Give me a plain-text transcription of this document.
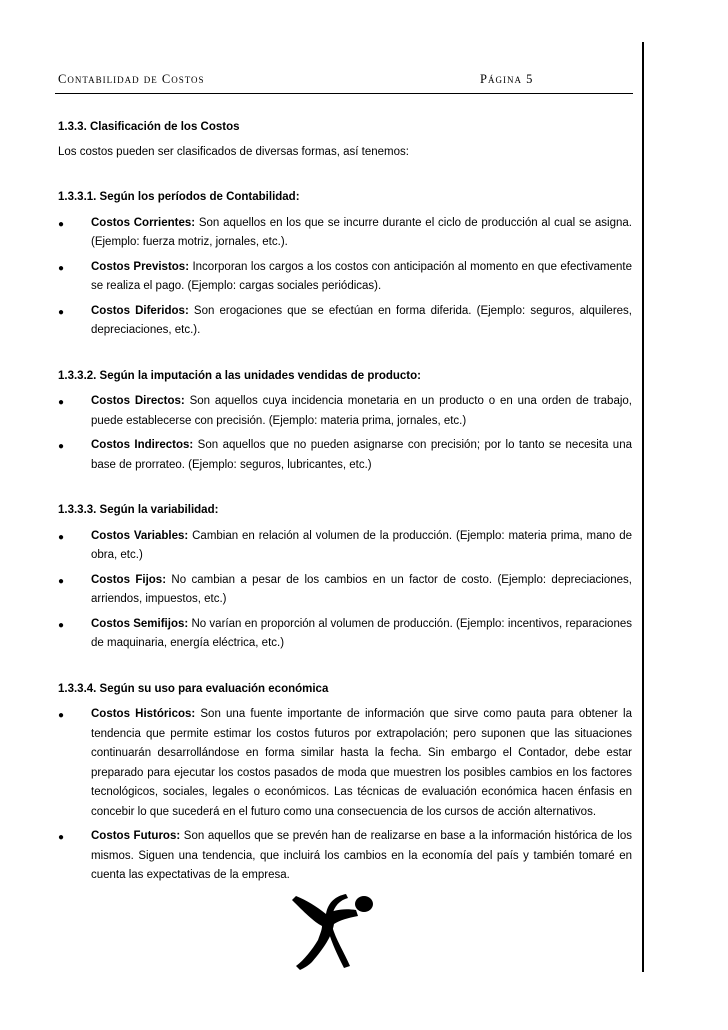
Contabilidad de Costos	Página 5

1.3.3. Clasificación de los Costos

Los costos pueden ser clasificados de diversas formas, así tenemos:

1.3.3.1. Según los períodos de Contabilidad:

● Costos Corrientes: Son aquellos en los que se incurre durante el ciclo de producción al cual se asigna. (Ejemplo: fuerza motriz, jornales, etc.).
● Costos Previstos: Incorporan los cargos a los costos con anticipación al momento en que efectivamente se realiza el pago. (Ejemplo: cargas sociales periódicas).
● Costos Diferidos: Son erogaciones que se efectúan en forma diferida. (Ejemplo: seguros, alquileres, depreciaciones, etc.).

1.3.3.2. Según la imputación a las unidades vendidas de producto:

● Costos Directos: Son aquellos cuya incidencia monetaria en un producto o en una orden de trabajo, puede establecerse con precisión. (Ejemplo: materia prima, jornales, etc.)
● Costos Indirectos: Son aquellos que no pueden asignarse con precisión; por lo tanto se necesita una base de prorrateo. (Ejemplo: seguros, lubricantes, etc.)

1.3.3.3. Según la variabilidad:

● Costos Variables: Cambian en relación al volumen de la producción. (Ejemplo: materia prima, mano de obra, etc.)
● Costos Fijos: No cambian a pesar de los cambios en un factor de costo. (Ejemplo: depreciaciones, arriendos, impuestos, etc.)
● Costos Semifijos: No varían en proporción al volumen de producción. (Ejemplo: incentivos, reparaciones de maquinaria, energía eléctrica, etc.)

1.3.3.4. Según su uso para evaluación económica

● Costos Históricos: Son una fuente importante de información que sirve como pauta para obtener la tendencia que permite estimar los costos futuros por extrapolación; pero suponen que las situaciones continuarán desarrollándose en forma similar hasta la fecha. Sin embargo el Contador, debe estar preparado para ejecutar los costos pasados de moda que muestren los posibles cambios en los factores tecnológicos, sociales, legales o económicos. Las técnicas de evaluación económica hacen énfasis en concebir lo que sucederá en el futuro como una consecuencia de los cursos de acción alternativos.
● Costos Futuros: Son aquellos que se prevén han de realizarse en base a la información histórica de los mismos. Siguen una tendencia, que incluirá los cambios en la economía del país y también tomaré en cuenta las expectativas de la empresa.
